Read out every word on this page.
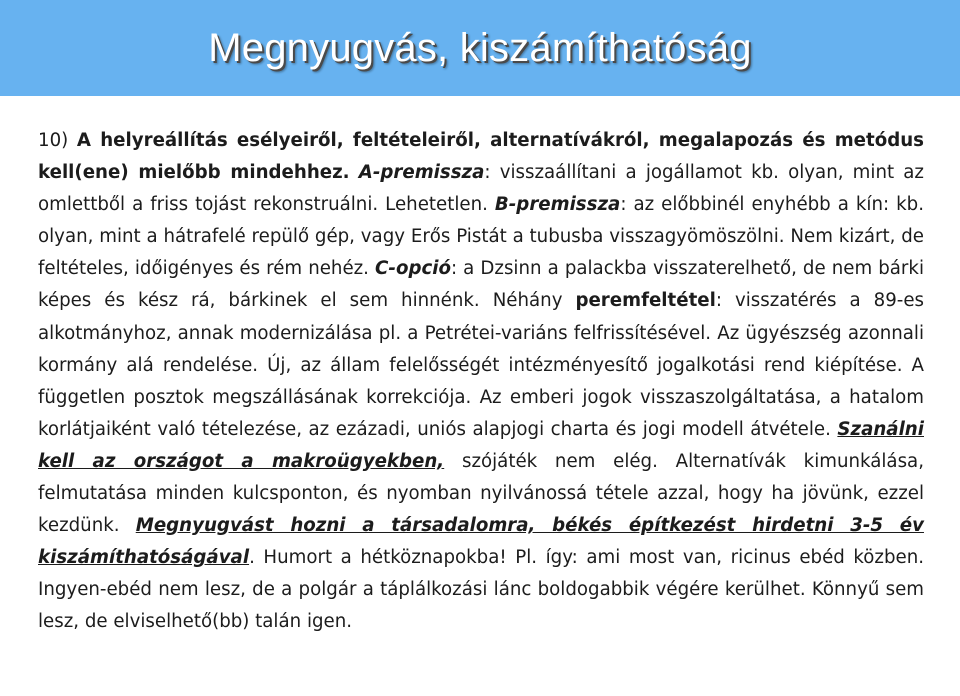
Megnyugvás, kiszámíthatóság

10) A helyreállítás esélyeiről, feltételeiről, alternatívákról, megalapozás és metódus kell(ene) mielőbb mindehhez. A-premissza: visszaállítani a jogállamot kb. olyan, mint az omlettből a friss tojást rekonstruálni. Lehetetlen. B-premissza: az előbbinél enyhébb a kín: kb. olyan, mint a hátrafelé repülő gép, vagy Erős Pistát a tubusba visszagyömöszölni. Nem kizárt, de feltételes, időigényes és rém nehéz. C-opció: a Dzsinn a palackba visszaterelhető, de nem bárki képes és kész rá, bárkinek el sem hinnénk. Néhány peremfeltétel: visszatérés a 89-es alkotmányhoz, annak modernizálása pl. a Petrétei-variáns felfrissítésével. Az ügyészség azonnali kormány alá rendelése. Új, az állam felelősségét intézményesítő jogalkotási rend kiépítése. A független posztok megszállásának korrekciója. Az emberi jogok visszaszolgáltatása, a hatalom korlátjaiként való tételezése, az ezázadi, uniós alapjogi charta és jogi modell átvétele. Szanálni kell az országot a makroügyekben, szójáték nem elég. Alternatívák kimunkálása, felmutatása minden kulcsponton, és nyomban nyilvánossá tétele azzal, hogy ha jövünk, ezzel kezdünk. Megnyugvást hozni a társadalomra, békés építkezést hirdetni 3-5 év kiszámíthatóságával. Humort a hétköznapokba! Pl. így: ami most van, ricinus ebéd közben. Ingyen-ebéd nem lesz, de a polgár a táplálkozási lánc boldogabbik végére kerülhet. Könnyű sem lesz, de elviselhető(bb) talán igen.
